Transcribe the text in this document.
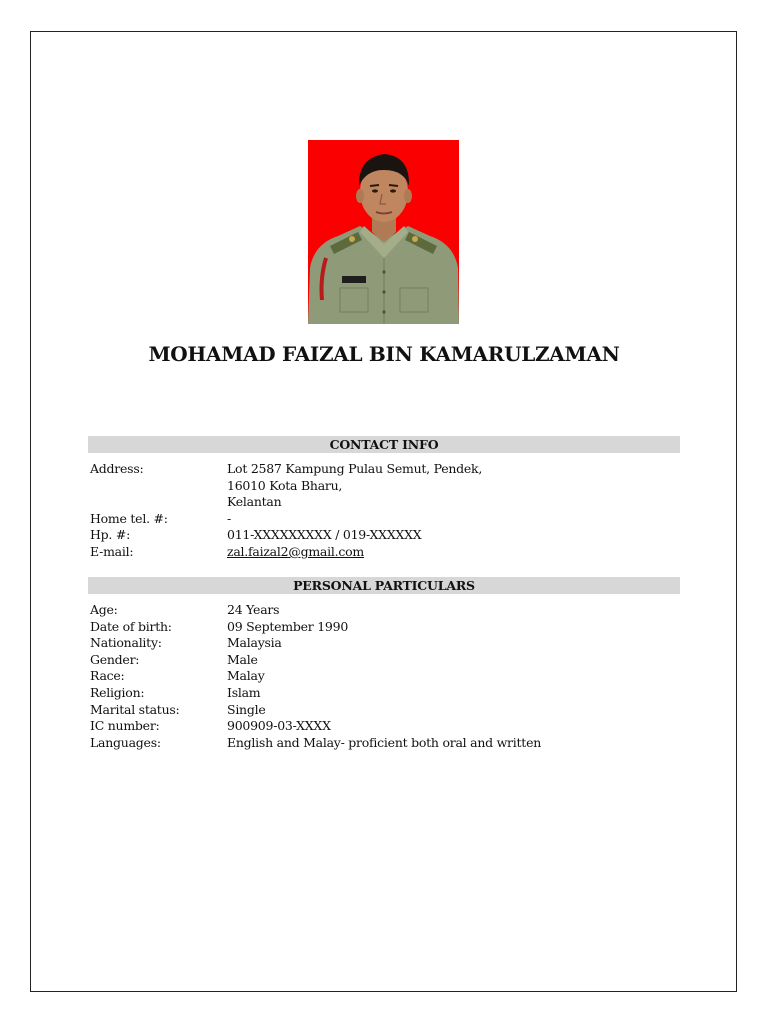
MOHAMAD FAIZAL BIN KAMARULZAMAN
CONTACT INFO
Address:	Lot 2587 Kampung Pulau Semut, Pendek,
16010 Kota Bharu,
Kelantan
Home tel. #:	-
Hp. #:	011-XXXXXXXXX / 019-XXXXXX
E-mail:	zal.faizal2@gmail.com
PERSONAL PARTICULARS
Age:	24 Years
Date of birth:	09 September 1990
Nationality:	Malaysia
Gender:	Male
Race:	Malay
Religion:	Islam
Marital status:	Single
IC number:	900909-03-XXXX
Languages:	English and Malay- proficient both oral and written
